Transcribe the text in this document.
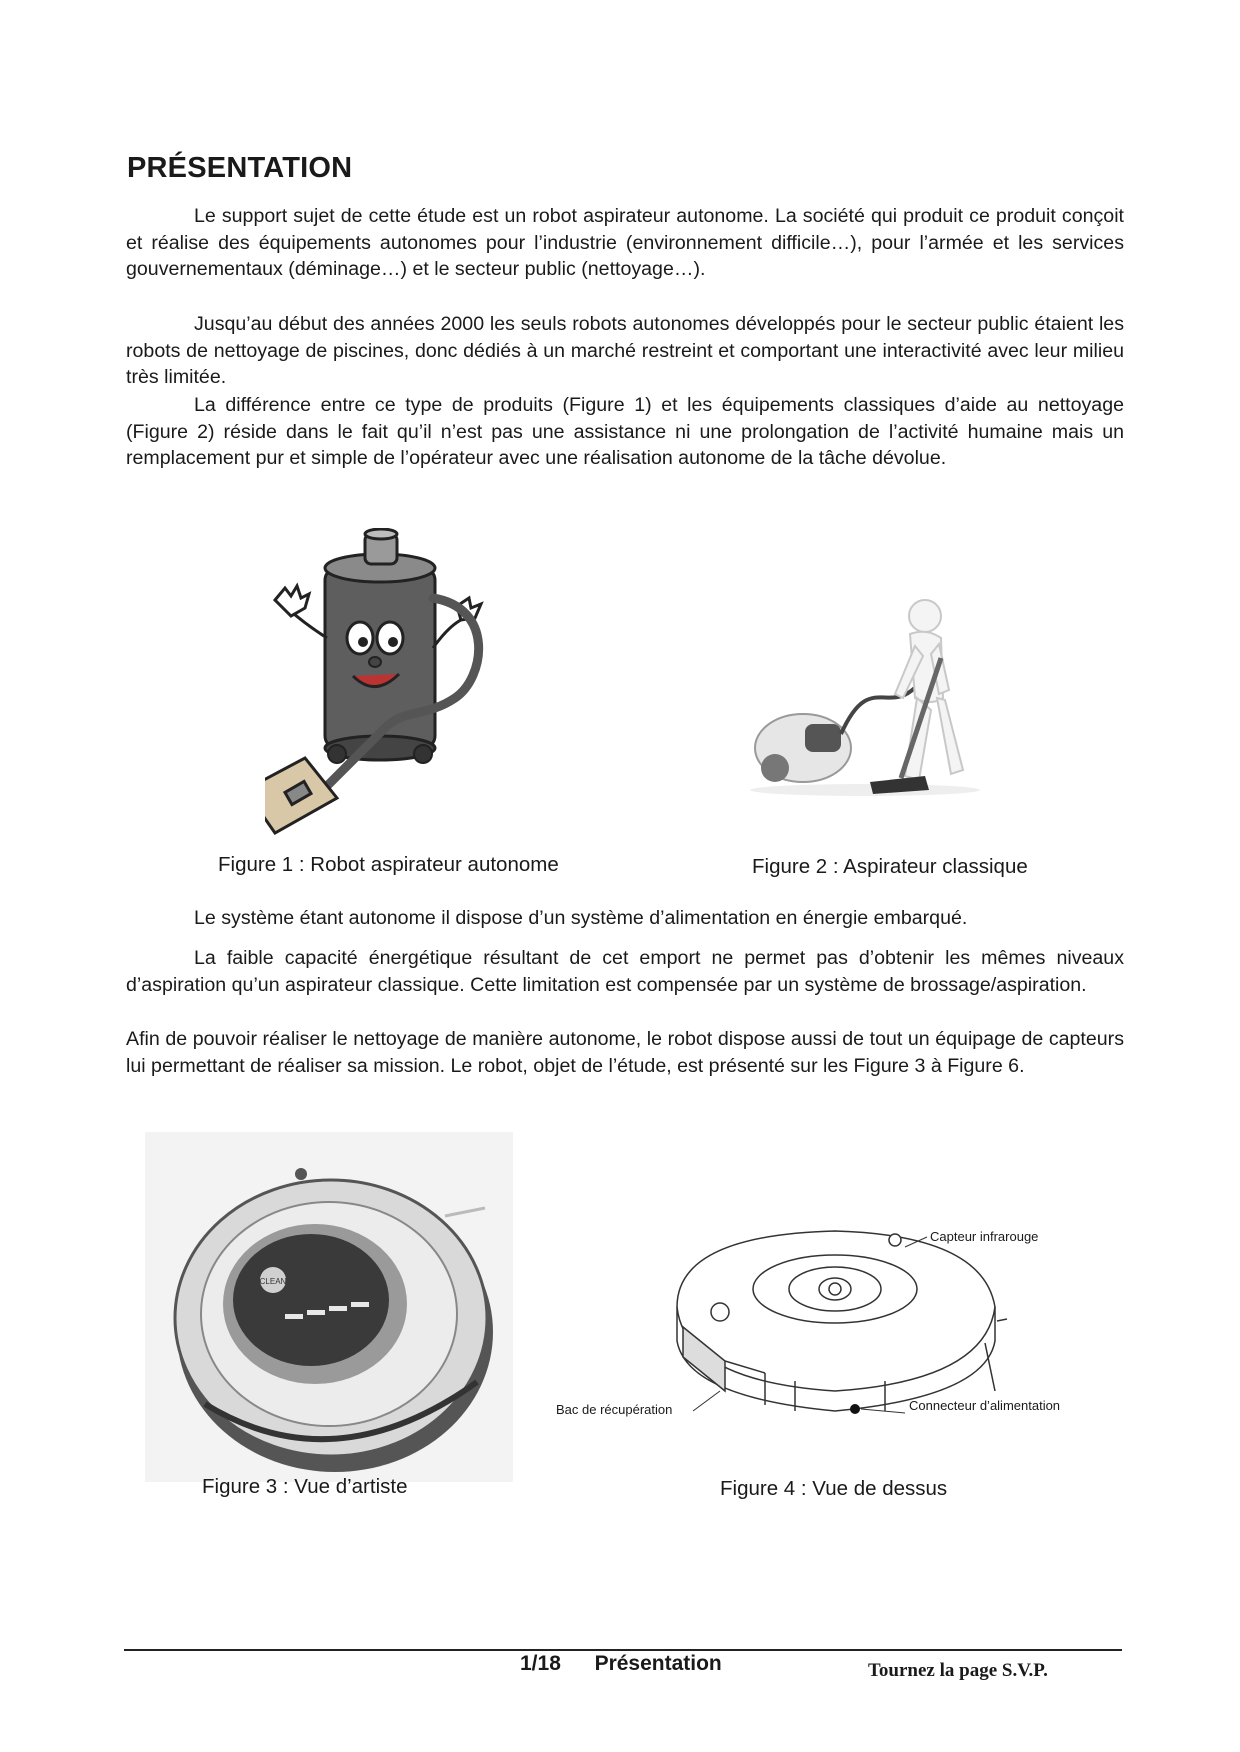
PRÉSENTATION

Le support sujet de cette étude est un robot aspirateur autonome. La société qui produit ce produit conçoit et réalise des équipements autonomes pour l’industrie (environnement difficile…), pour l’armée et les services gouvernementaux (déminage…) et le secteur public (nettoyage…).

Jusqu’au début des années 2000 les seuls robots autonomes développés pour le secteur public étaient les robots de nettoyage de piscines, donc dédiés à un marché restreint et comportant une interactivité avec leur milieu très limitée.

La différence entre ce type de produits (Figure 1) et les équipements classiques d’aide au nettoyage (Figure 2) réside dans le fait qu’il n’est pas une assistance ni une prolongation de l’activité humaine mais un remplacement pur et simple de l’opérateur avec une réalisation autonome de la tâche dévolue.

Figure 1 : Robot aspirateur autonome	Figure 2 : Aspirateur classique

Le système étant autonome il dispose d’un système d’alimentation en énergie embarqué.

La faible capacité énergétique résultant de cet emport ne permet pas d’obtenir les mêmes niveaux d’aspiration qu’un aspirateur classique. Cette limitation est compensée par un système de brossage/aspiration.

Afin de pouvoir réaliser le nettoyage de manière autonome, le robot dispose aussi de tout un équipage de capteurs lui permettant de réaliser sa mission. Le robot, objet de l’étude, est présenté sur les Figure 3 à Figure 6.

CLEAN
Capteur infrarouge
Bac de récupération	Connecteur d’alimentation

Figure 3 : Vue d’artiste	Figure 4 : Vue de dessus

1/18 Présentation	Tournez la page S.V.P.
